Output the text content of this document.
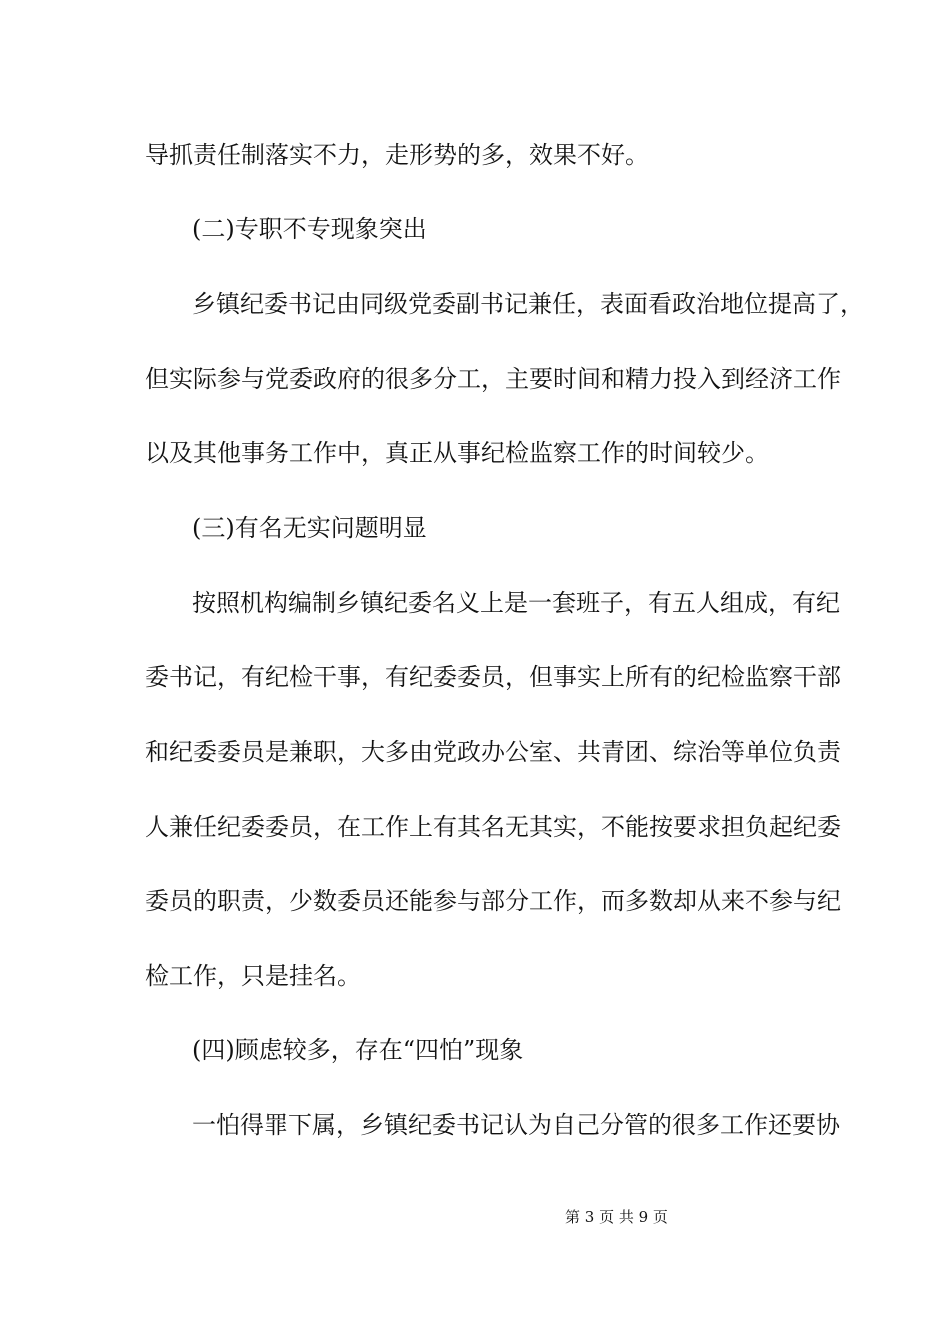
导抓责任制落实不力，走形势的多，效果不好。
(二)专职不专现象突出
乡镇纪委书记由同级党委副书记兼任，表面看政治地位提高了，
但实际参与党委政府的很多分工，主要时间和精力投入到经济工作
以及其他事务工作中，真正从事纪检监察工作的时间较少。
(三)有名无实问题明显
按照机构编制乡镇纪委名义上是一套班子，有五人组成，有纪
委书记，有纪检干事，有纪委委员，但事实上所有的纪检监察干部
和纪委委员是兼职，大多由党政办公室、共青团、综治等单位负责
人兼任纪委委员，在工作上有其名无其实，不能按要求担负起纪委
委员的职责，少数委员还能参与部分工作，而多数却从来不参与纪
检工作，只是挂名。
(四)顾虑较多，存在“四怕”现象
一怕得罪下属，乡镇纪委书记认为自己分管的很多工作还要协
第 3 页 共 9 页
